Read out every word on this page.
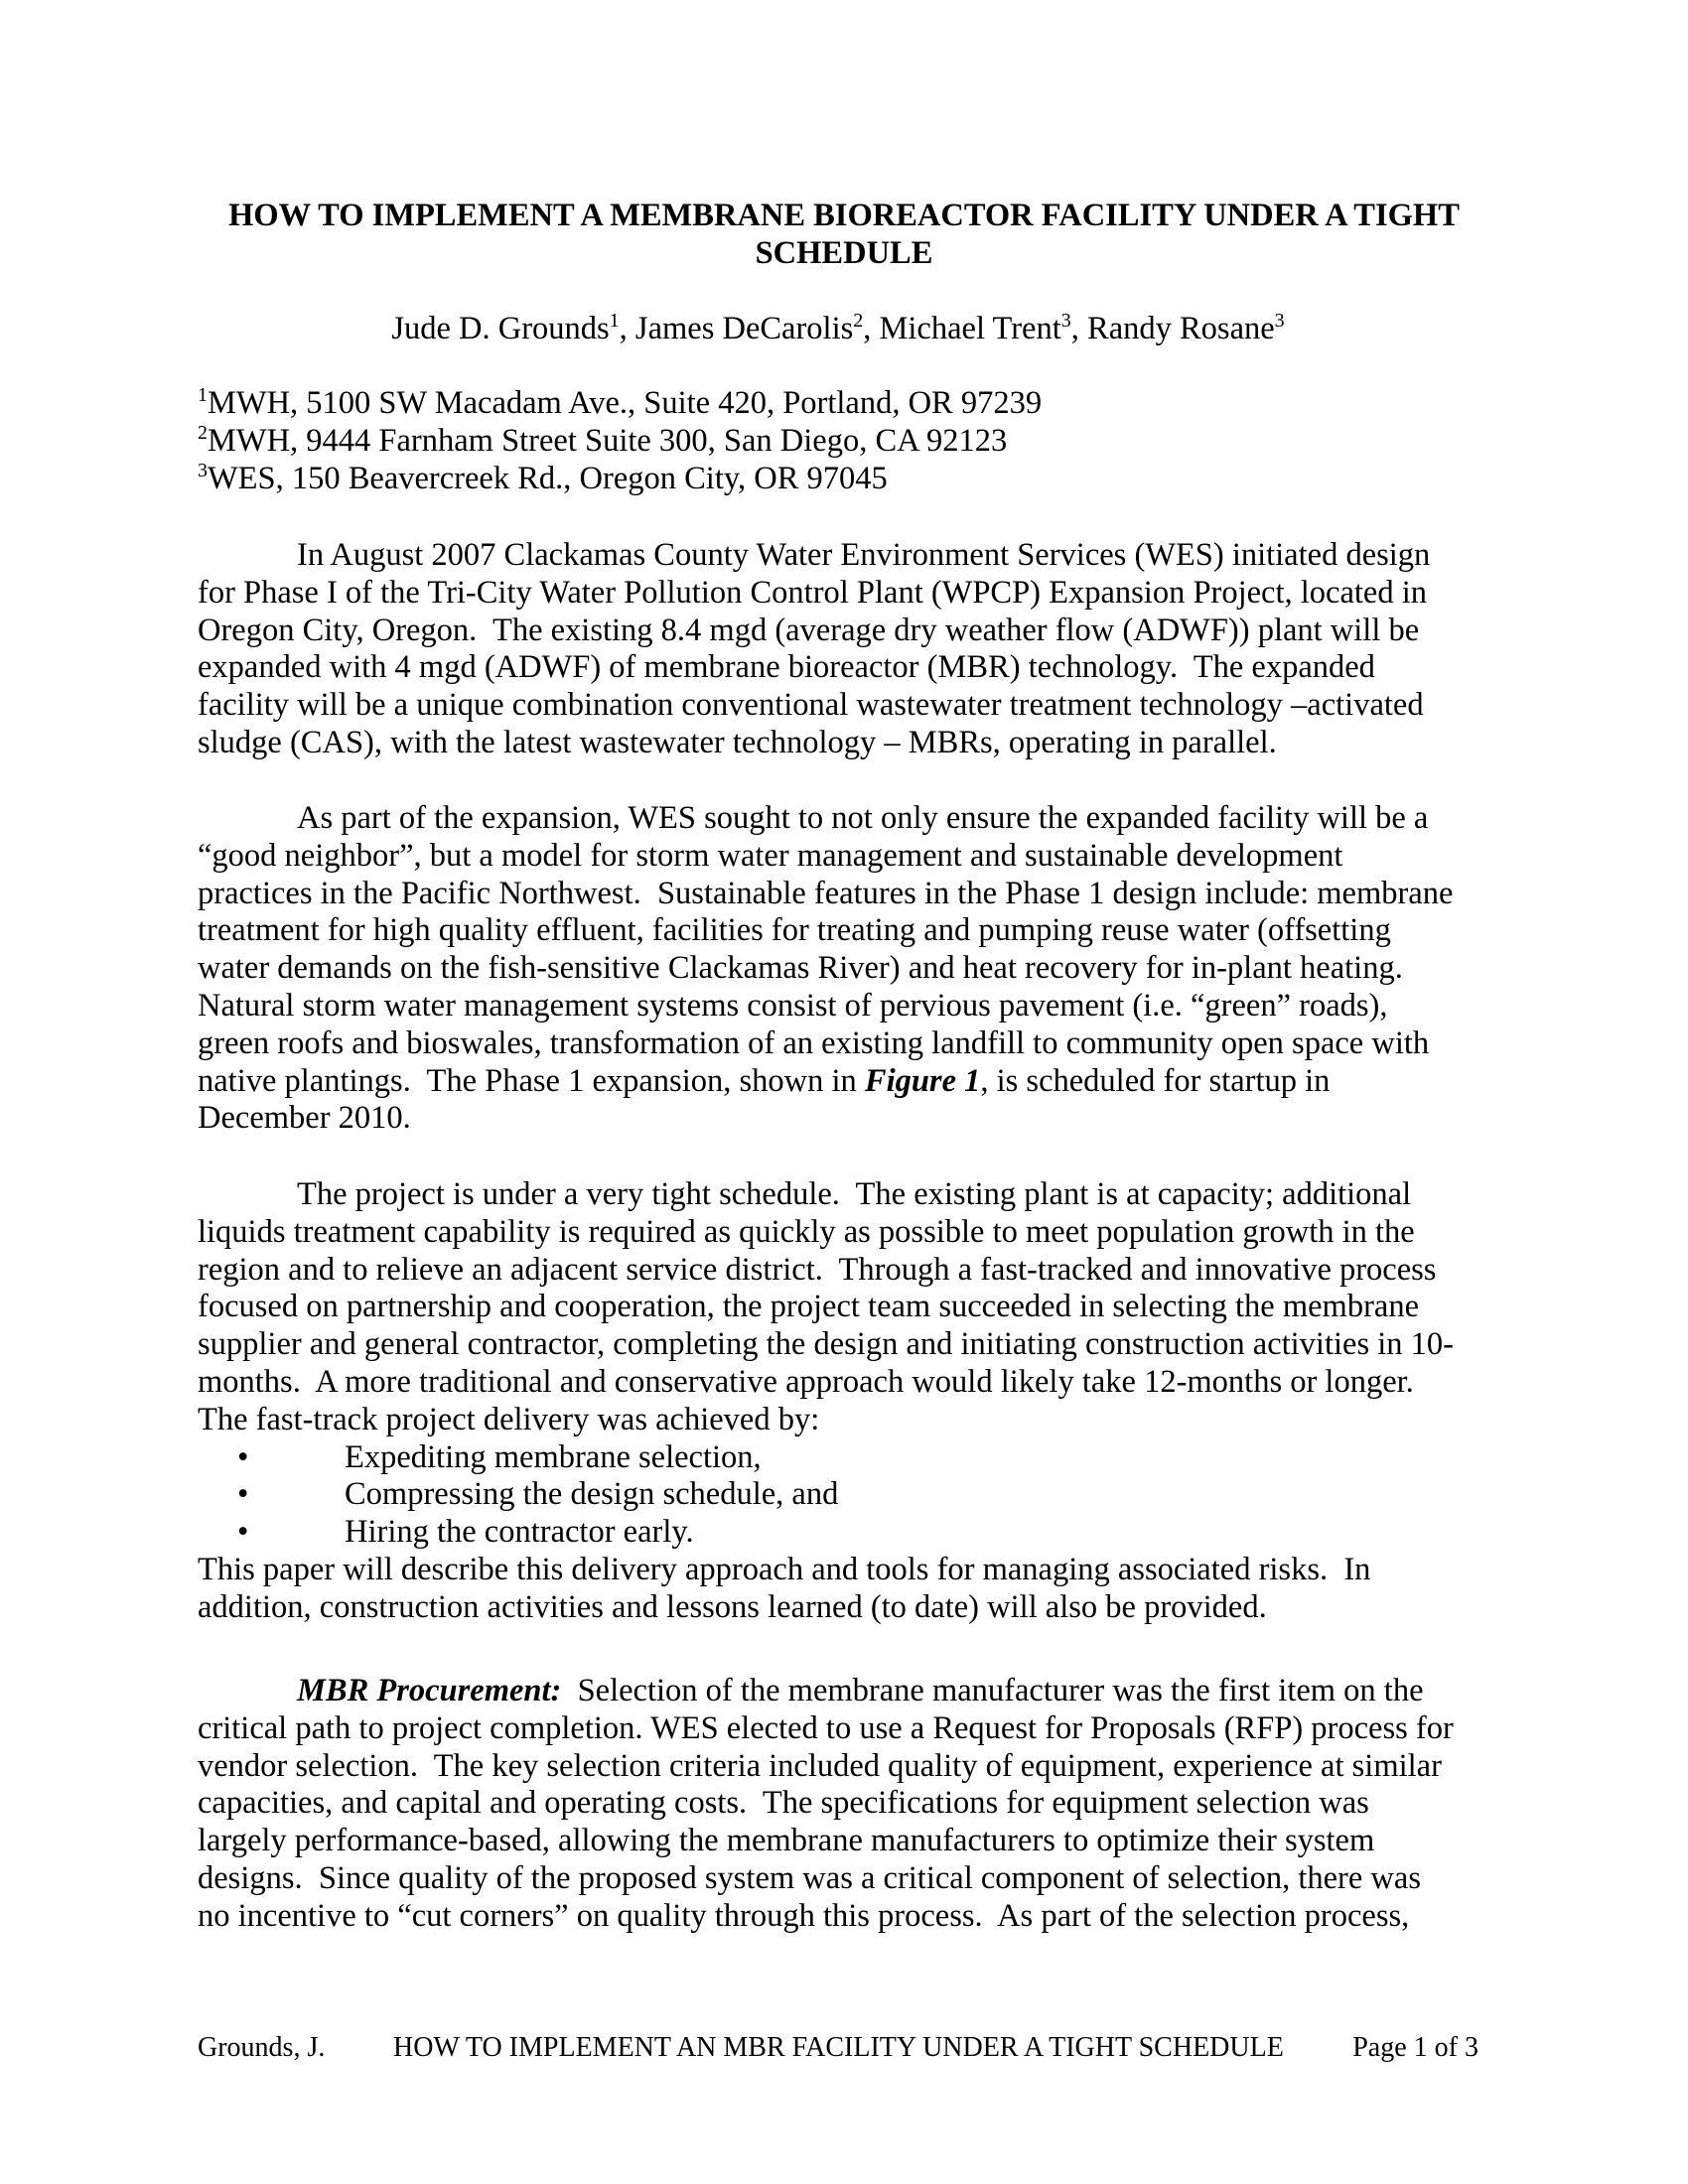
HOW TO IMPLEMENT A MEMBRANE BIOREACTOR FACILITY UNDER A TIGHT
SCHEDULE
Jude D. Grounds$^1$, James DeCarolis$^2$, Michael Trent$^3$, Randy Rosane$^3$
$^1$MWH, 5100 SW Macadam Ave., Suite 420, Portland, OR 97239
$^2$MWH, 9444 Farnham Street Suite 300, San Diego, CA 92123
$^3$WES, 150 Beavercreek Rd., Oregon City, OR 97045
In August 2007 Clackamas County Water Environment Services (WES) initiated design
for Phase I of the Tri-City Water Pollution Control Plant (WPCP) Expansion Project, located in
Oregon City, Oregon.  The existing 8.4 mgd (average dry weather flow (ADWF)) plant will be
expanded with 4 mgd (ADWF) of membrane bioreactor (MBR) technology.  The expanded
facility will be a unique combination conventional wastewater treatment technology –activated
sludge (CAS), with the latest wastewater technology – MBRs, operating in parallel.
As part of the expansion, WES sought to not only ensure the expanded facility will be a
“good neighbor”, but a model for storm water management and sustainable development
practices in the Pacific Northwest.  Sustainable features in the Phase 1 design include: membrane
treatment for high quality effluent, facilities for treating and pumping reuse water (offsetting
water demands on the fish-sensitive Clackamas River) and heat recovery for in-plant heating.
Natural storm water management systems consist of pervious pavement (i.e. “green” roads),
green roofs and bioswales, transformation of an existing landfill to community open space with
native plantings.  The Phase 1 expansion, shown in Figure 1, is scheduled for startup in
December 2010.
The project is under a very tight schedule.  The existing plant is at capacity; additional
liquids treatment capability is required as quickly as possible to meet population growth in the
region and to relieve an adjacent service district.  Through a fast-tracked and innovative process
focused on partnership and cooperation, the project team succeeded in selecting the membrane
supplier and general contractor, completing the design and initiating construction activities in 10-
months.  A more traditional and conservative approach would likely take 12-months or longer.
The fast-track project delivery was achieved by:
•	Expediting membrane selection,
•	Compressing the design schedule, and
•	Hiring the contractor early.
This paper will describe this delivery approach and tools for managing associated risks.  In
addition, construction activities and lessons learned (to date) will also be provided.
MBR Procurement:  Selection of the membrane manufacturer was the first item on the
critical path to project completion. WES elected to use a Request for Proposals (RFP) process for
vendor selection.  The key selection criteria included quality of equipment, experience at similar
capacities, and capital and operating costs.  The specifications for equipment selection was
largely performance-based, allowing the membrane manufacturers to optimize their system
designs.  Since quality of the proposed system was a critical component of selection, there was
no incentive to “cut corners” on quality through this process.  As part of the selection process,
Grounds, J. HOW TO IMPLEMENT AN MBR FACILITY UNDER A TIGHT SCHEDULE Page 1 of 3
